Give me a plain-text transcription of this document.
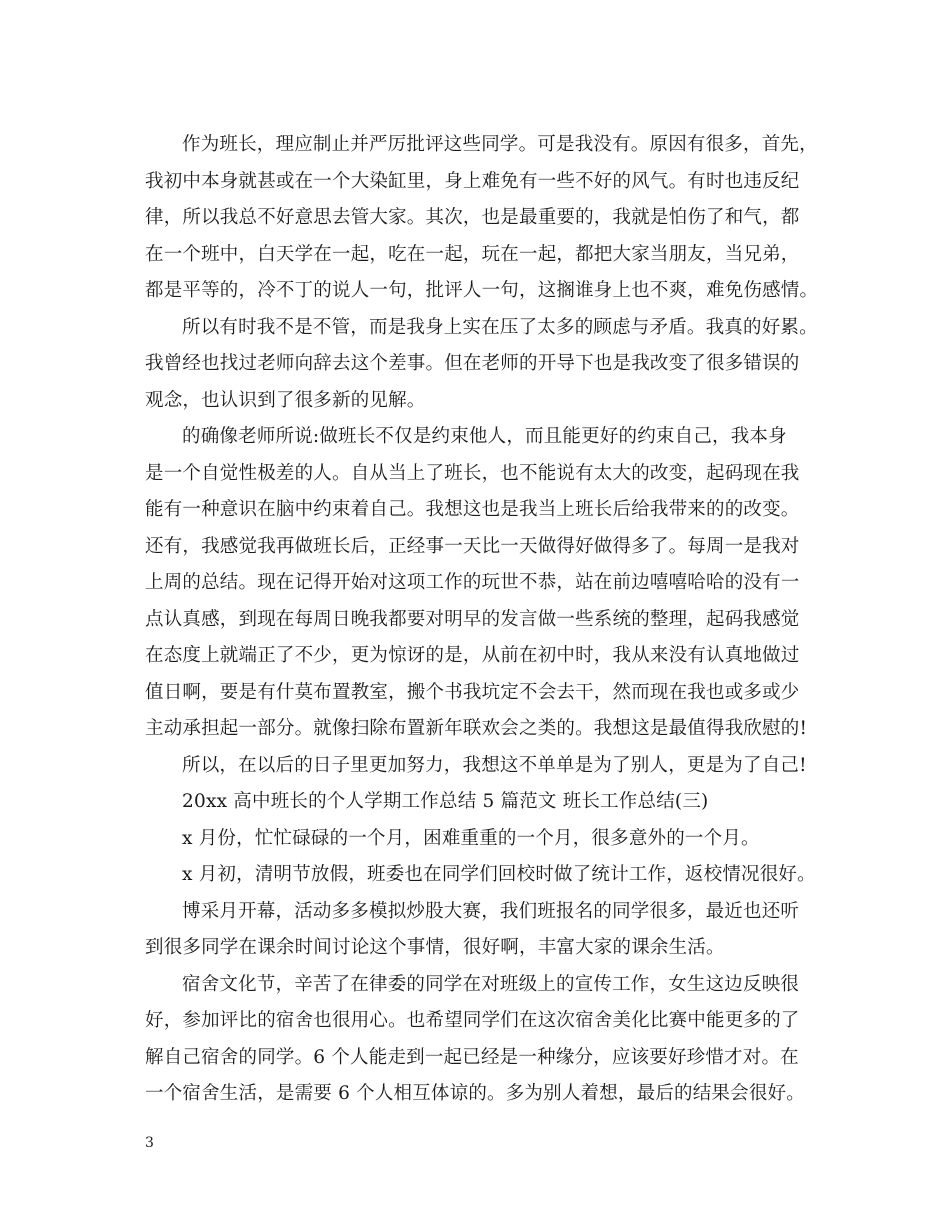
作为班长，理应制止并严厉批评这些同学。可是我没有。原因有很多，首先，
我初中本身就甚或在一个大染缸里，身上难免有一些不好的风气。有时也违反纪
律，所以我总不好意思去管大家。其次，也是最重要的，我就是怕伤了和气，都
在一个班中，白天学在一起，吃在一起，玩在一起，都把大家当朋友，当兄弟，
都是平等的，冷不丁的说人一句，批评人一句，这搁谁身上也不爽，难免伤感情。
所以有时我不是不管，而是我身上实在压了太多的顾虑与矛盾。我真的好累。
我曾经也找过老师向辞去这个差事。但在老师的开导下也是我改变了很多错误的
观念，也认识到了很多新的见解。
的确像老师所说:做班长不仅是约束他人，而且能更好的约束自己，我本身
是一个自觉性极差的人。自从当上了班长，也不能说有太大的改变，起码现在我
能有一种意识在脑中约束着自己。我想这也是我当上班长后给我带来的的改变。
还有，我感觉我再做班长后，正经事一天比一天做得好做得多了。每周一是我对
上周的总结。现在记得开始对这项工作的玩世不恭，站在前边嘻嘻哈哈的没有一
点认真感，到现在每周日晚我都要对明早的发言做一些系统的整理，起码我感觉
在态度上就端正了不少，更为惊讶的是，从前在初中时，我从来没有认真地做过
值日啊，要是有什莫布置教室，搬个书我坑定不会去干，然而现在我也或多或少
主动承担起一部分。就像扫除布置新年联欢会之类的。我想这是最值得我欣慰的!
所以，在以后的日子里更加努力，我想这不单单是为了别人，更是为了自己!
20xx 高中班长的个人学期工作总结 5 篇范文 班长工作总结(三)
x 月份，忙忙碌碌的一个月，困难重重的一个月，很多意外的一个月。
x 月初，清明节放假，班委也在同学们回校时做了统计工作，返校情况很好。
博采月开幕，活动多多模拟炒股大赛，我们班报名的同学很多，最近也还听
到很多同学在课余时间讨论这个事情，很好啊，丰富大家的课余生活。
宿舍文化节，辛苦了在律委的同学在对班级上的宣传工作，女生这边反映很
好，参加评比的宿舍也很用心。也希望同学们在这次宿舍美化比赛中能更多的了
解自己宿舍的同学。6 个人能走到一起已经是一种缘分，应该要好珍惜才对。在
一个宿舍生活，是需要 6 个人相互体谅的。多为别人着想，最后的结果会很好。
3
